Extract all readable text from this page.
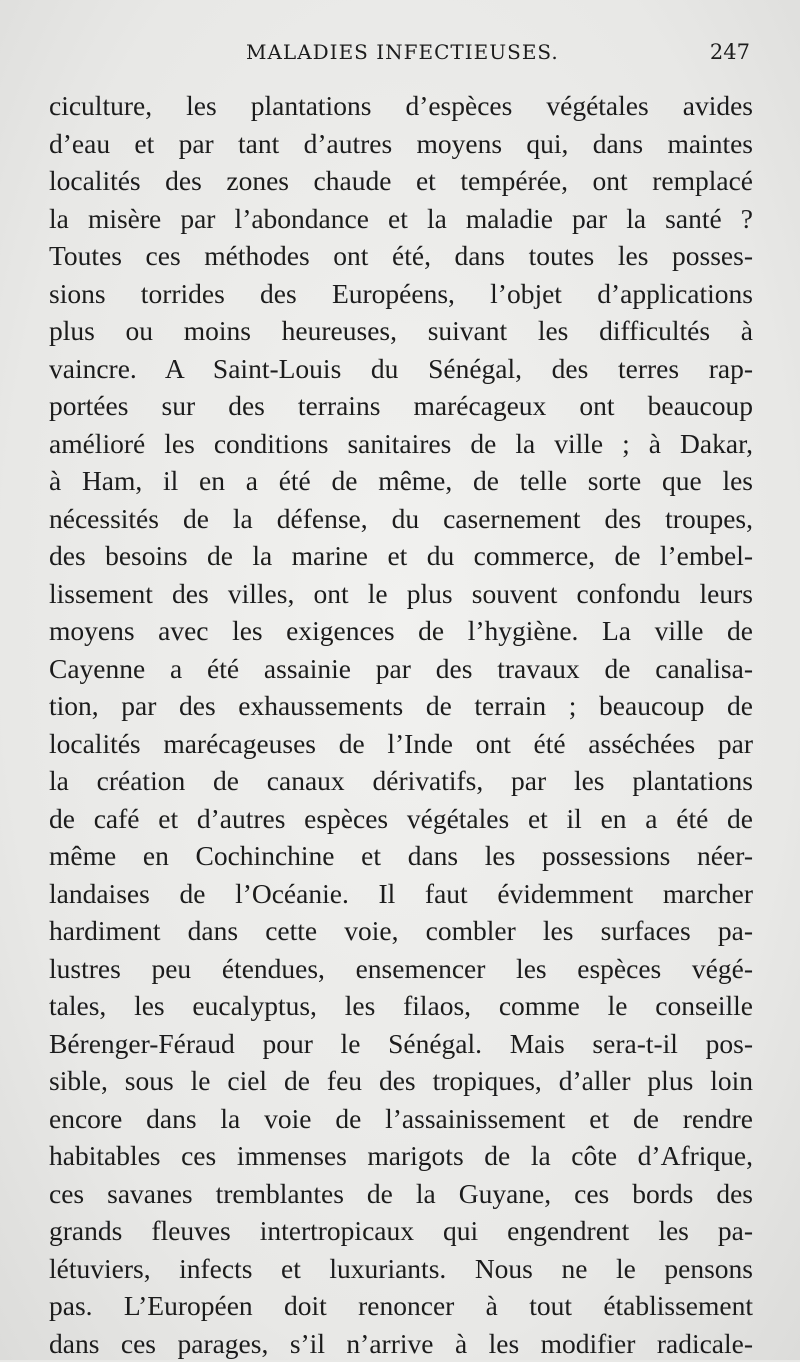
MALADIES INFECTIEUSES.	247
ciculture, les plantations d’espèces végétales avides
d’eau et par tant d’autres moyens qui, dans maintes
localités des zones chaude et tempérée, ont remplacé
la misère par l’abondance et la maladie par la santé ?
Toutes ces méthodes ont été, dans toutes les posses-
sions torrides des Européens, l’objet d’applications
plus ou moins heureuses, suivant les difficultés à
vaincre. A Saint-Louis du Sénégal, des terres rap-
portées sur des terrains marécageux ont beaucoup
amélioré les conditions sanitaires de la ville ; à Dakar,
à Ham, il en a été de même, de telle sorte que les
nécessités de la défense, du casernement des troupes,
des besoins de la marine et du commerce, de l’embel-
lissement des villes, ont le plus souvent confondu leurs
moyens avec les exigences de l’hygiène. La ville de
Cayenne a été assainie par des travaux de canalisa-
tion, par des exhaussements de terrain ; beaucoup de
localités marécageuses de l’Inde ont été asséchées par
la création de canaux dérivatifs, par les plantations
de café et d’autres espèces végétales et il en a été de
même en Cochinchine et dans les possessions néer-
landaises de l’Océanie. Il faut évidemment marcher
hardiment dans cette voie, combler les surfaces pa-
lustres peu étendues, ensemencer les espèces végé-
tales, les eucalyptus, les filaos, comme le conseille
Bérenger-Féraud pour le Sénégal. Mais sera-t-il pos-
sible, sous le ciel de feu des tropiques, d’aller plus loin
encore dans la voie de l’assainissement et de rendre
habitables ces immenses marigots de la côte d’Afrique,
ces savanes tremblantes de la Guyane, ces bords des
grands fleuves intertropicaux qui engendrent les pa-
létuviers, infects et luxuriants. Nous ne le pensons
pas. L’Européen doit renoncer à tout établissement
dans ces parages, s’il n’arrive à les modifier radicale-
